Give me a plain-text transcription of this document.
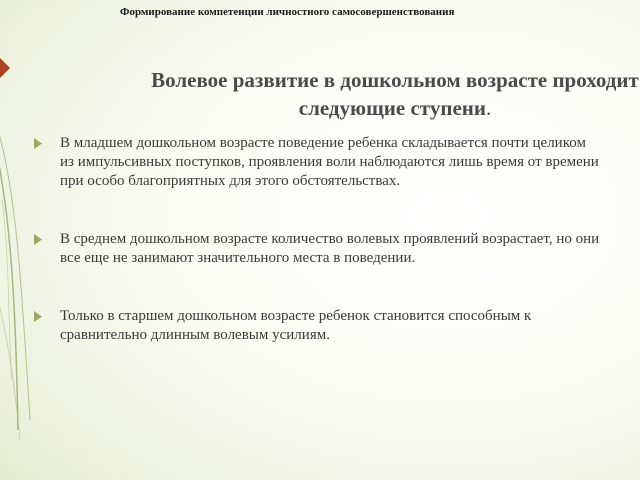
Формирование компетенции личностного самосовершенствования
Волевое развитие в дошкольном возрасте проходит
следующие ступени.
В младшем дошкольном возрасте поведение ребенка складывается почти целиком
из импульсивных поступков, проявления воли наблюдаются лишь время от времени
при особо благоприятных для этого обстоятельствах.
В среднем дошкольном возрасте количество волевых проявлений возрастает, но они
все еще не занимают значительного места в поведении.
Только в старшем дошкольном возрасте ребенок становится способным к
сравнительно длинным волевым усилиям.
